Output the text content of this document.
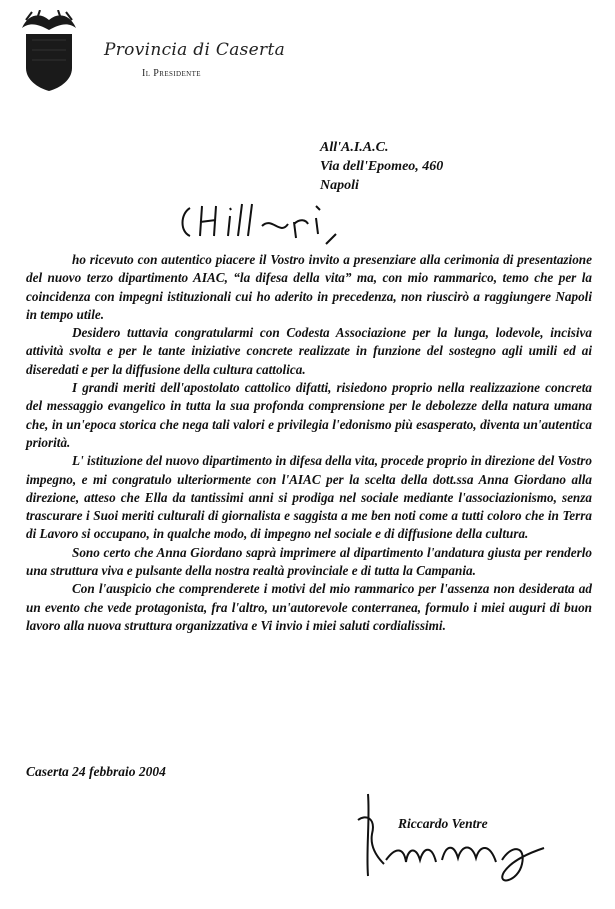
Provincia di Caserta
Il Presidente
All'A.I.A.C.
Via dell'Epomeo, 460
Napoli

ho ricevuto con autentico piacere il Vostro invito a presenziare alla cerimonia di presentazione del nuovo terzo dipartimento AIAC, “la difesa della vita” ma, con mio rammarico, temo che per la coincidenza con impegni istituzionali cui ho aderito in precedenza, non riuscirò a raggiungere Napoli in tempo utile.

Desidero tuttavia congratularmi con Codesta Associazione per la lunga, lodevole, incisiva attività svolta e per le tante iniziative concrete realizzate in funzione del sostegno agli umili ed ai diseredati e per la diffusione della cultura cattolica.

I grandi meriti dell'apostolato cattolico difatti, risiedono proprio nella realizzazione concreta del messaggio evangelico in tutta la sua profonda comprensione per le debolezze della natura umana che, in un'epoca storica che nega tali valori e privilegia l'edonismo più esasperato, diventa un'autentica priorità.

L' istituzione del nuovo dipartimento in difesa della vita, procede proprio in direzione del Vostro impegno, e mi congratulo ulteriormente con l'AIAC per la scelta della dott.ssa Anna Giordano alla direzione, atteso che Ella da tantissimi anni si prodiga nel sociale mediante l'associazionismo, senza trascurare i Suoi meriti culturali di giornalista e saggista a me ben noti come a tutti coloro che in Terra di Lavoro si occupano, in qualche modo, di impegno nel sociale e di diffusione della cultura.

Sono certo che Anna Giordano saprà imprimere al dipartimento l'andatura giusta per renderlo una struttura viva e pulsante della nostra realtà provinciale e di tutta la Campania.

Con l'auspicio che comprenderete i motivi del mio rammarico per l'assenza non desiderata ad un evento che vede protagonista, fra l'altro, un'autorevole conterranea, formulo i miei auguri di buon lavoro alla nuova struttura organizzativa e Vi invio i miei saluti cordialissimi.

Caserta 24 febbraio 2004
Riccardo Ventre
